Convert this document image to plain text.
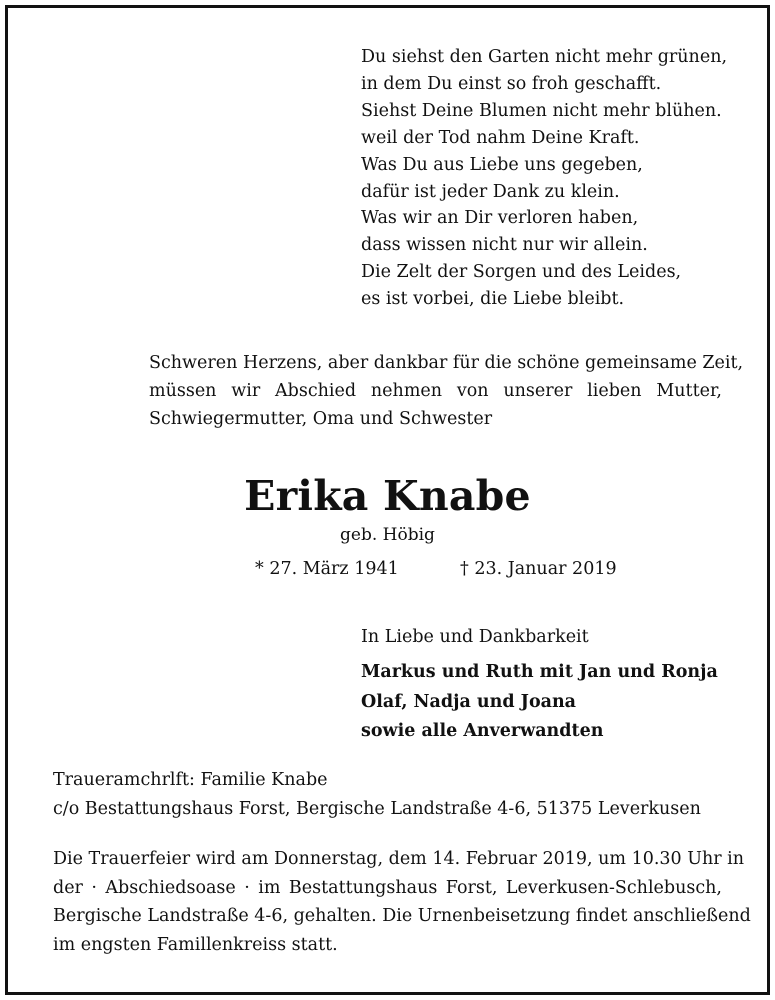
Du siehst den Garten nicht mehr grünen,
in dem Du einst so froh geschafft.
Siehst Deine Blumen nicht mehr blühen.
weil der Tod nahm Deine Kraft.
Was Du aus Liebe uns gegeben,
dafür ist jeder Dank zu klein.
Was wir an Dir verloren haben,
dass wissen nicht nur wir allein.
Die Zelt der Sorgen und des Leides,
es ist vorbei, die Liebe bleibt.
Schweren Herzens, aber dankbar für die schöne gemeinsame Zeit,
müssen wir Abschied nehmen von unserer lieben Mutter,
Schwiegermutter, Oma und Schwester
Erika Knabe
geb. Höbig
* 27. März 1941	† 23. Januar 2019
In Liebe und Dankbarkeit
Markus und Ruth mit Jan und Ronja
Olaf, Nadja und Joana
sowie alle Anverwandten
Traueramchrlft: Familie Knabe
c/o Bestattungshaus Forst, Bergische Landstraße 4-6, 51375 Leverkusen
Die Trauerfeier wird am Donnerstag, dem 14. Februar 2019, um 10.30 Uhr in
der · Abschiedsoase · im Bestattungshaus Forst, Leverkusen-Schlebusch,
Bergische Landstraße 4-6, gehalten. Die Urnenbeisetzung findet anschließend
im engsten Famillenkreiss statt.
